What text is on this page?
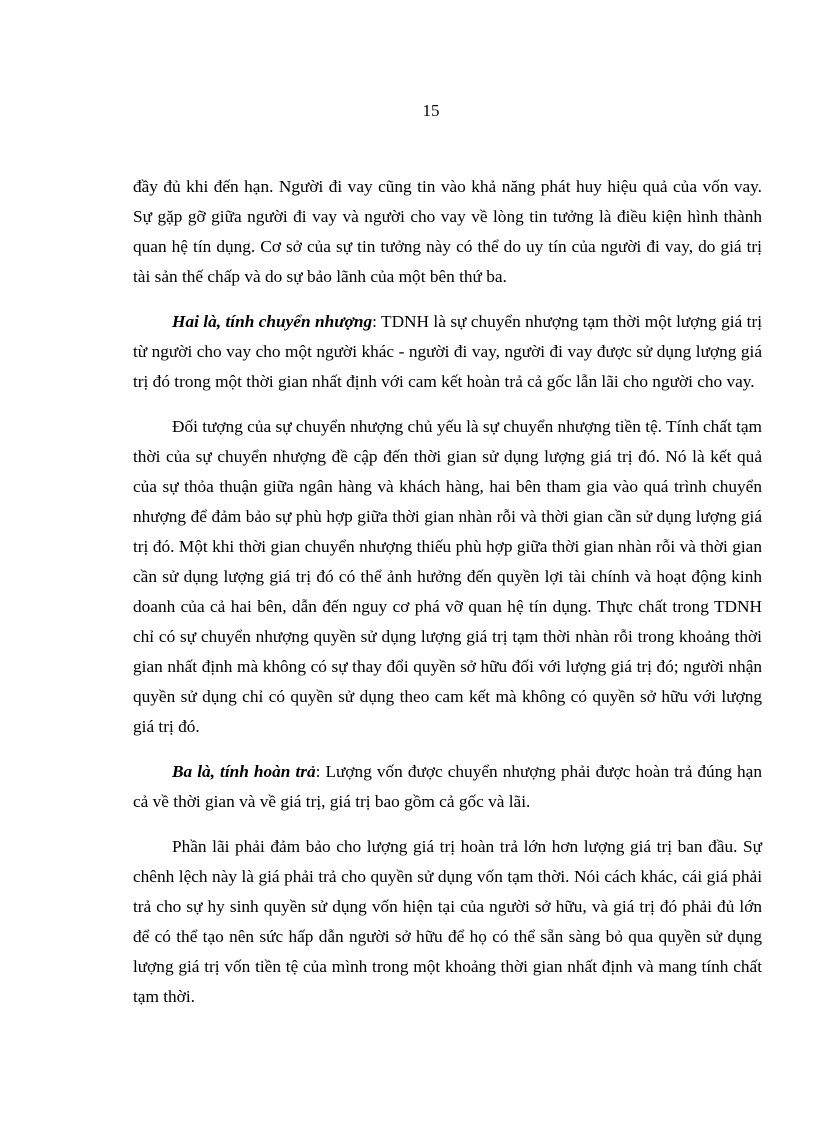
15

đầy đủ khi đến hạn. Người đi vay cũng tin vào khả năng phát huy hiệu quả của vốn vay. Sự gặp gỡ giữa người đi vay và người cho vay về lòng tin tưởng là điều kiện hình thành quan hệ tín dụng. Cơ sở của sự tin tưởng này có thể do uy tín của người đi vay, do giá trị tài sản thế chấp và do sự bảo lãnh của một bên thứ ba.

Hai là, tính chuyển nhượng: TDNH là sự chuyển nhượng tạm thời một lượng giá trị từ người cho vay cho một người khác - người đi vay, người đi vay được sử dụng lượng giá trị đó trong một thời gian nhất định với cam kết hoàn trả cả gốc lẫn lãi cho người cho vay.

Đối tượng của sự chuyển nhượng chủ yếu là sự chuyển nhượng tiền tệ. Tính chất tạm thời của sự chuyển nhượng đề cập đến thời gian sử dụng lượng giá trị đó. Nó là kết quả của sự thỏa thuận giữa ngân hàng và khách hàng, hai bên tham gia vào quá trình chuyển nhượng để đảm bảo sự phù hợp giữa thời gian nhàn rỗi và thời gian cần sử dụng lượng giá trị đó. Một khi thời gian chuyển nhượng thiếu phù hợp giữa thời gian nhàn rỗi và thời gian cần sử dụng lượng giá trị đó có thể ảnh hưởng đến quyền lợi tài chính và hoạt động kinh doanh của cả hai bên, dẫn đến nguy cơ phá vỡ quan hệ tín dụng. Thực chất trong TDNH chỉ có sự chuyển nhượng quyền sử dụng lượng giá trị tạm thời nhàn rỗi trong khoảng thời gian nhất định mà không có sự thay đổi quyền sở hữu đối với lượng giá trị đó; người nhận quyền sử dụng chỉ có quyền sử dụng theo cam kết mà không có quyền sở hữu với lượng giá trị đó.

Ba là, tính hoàn trả: Lượng vốn được chuyển nhượng phải được hoàn trả đúng hạn cả về thời gian và về giá trị, giá trị bao gồm cả gốc và lãi.

Phần lãi phải đảm bảo cho lượng giá trị hoàn trả lớn hơn lượng giá trị ban đầu. Sự chênh lệch này là giá phải trả cho quyền sử dụng vốn tạm thời. Nói cách khác, cái giá phải trả cho sự hy sinh quyền sử dụng vốn hiện tại của người sở hữu, và giá trị đó phải đủ lớn để có thể tạo nên sức hấp dẫn người sở hữu để họ có thể sẵn sàng bỏ qua quyền sử dụng lượng giá trị vốn tiền tệ của mình trong một khoảng thời gian nhất định và mang tính chất tạm thời.
